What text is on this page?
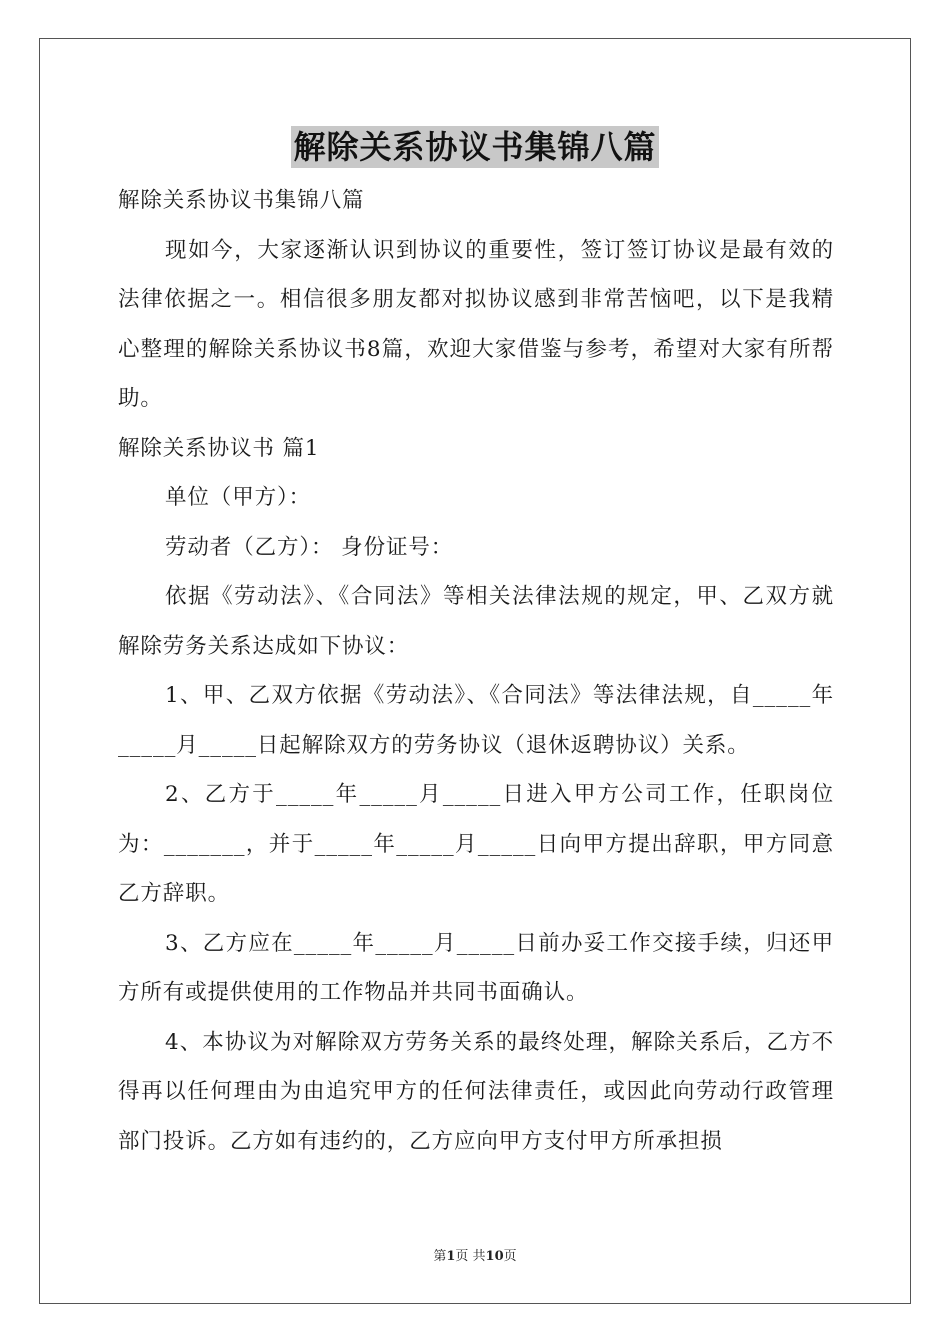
解除关系协议书集锦八篇

解除关系协议书集锦八篇

现如今，大家逐渐认识到协议的重要性，签订签订协议是最有效的法律依据之一。相信很多朋友都对拟协议感到非常苦恼吧，以下是我精心整理的解除关系协议书8篇，欢迎大家借鉴与参考，希望对大家有所帮助。

解除关系协议书 篇1

单位（甲方）：

劳动者（乙方）： 身份证号：

依据《劳动法》、《合同法》等相关法律法规的规定，甲、乙双方就解除劳务关系达成如下协议：

1、甲、乙双方依据《劳动法》、《合同法》等法律法规，自_____年_____月_____日起解除双方的劳务协议（退休返聘协议）关系。

2、乙方于_____年_____月_____日进入甲方公司工作，任职岗位为：_______，并于_____年_____月_____日向甲方提出辞职，甲方同意乙方辞职。

3、乙方应在_____年_____月_____日前办妥工作交接手续，归还甲方所有或提供使用的工作物品并共同书面确认。

4、本协议为对解除双方劳务关系的最终处理，解除关系后，乙方不得再以任何理由为由追究甲方的任何法律责任，或因此向劳动行政管理部门投诉。乙方如有违约的，乙方应向甲方支付甲方所承担损

第1页 共10页
